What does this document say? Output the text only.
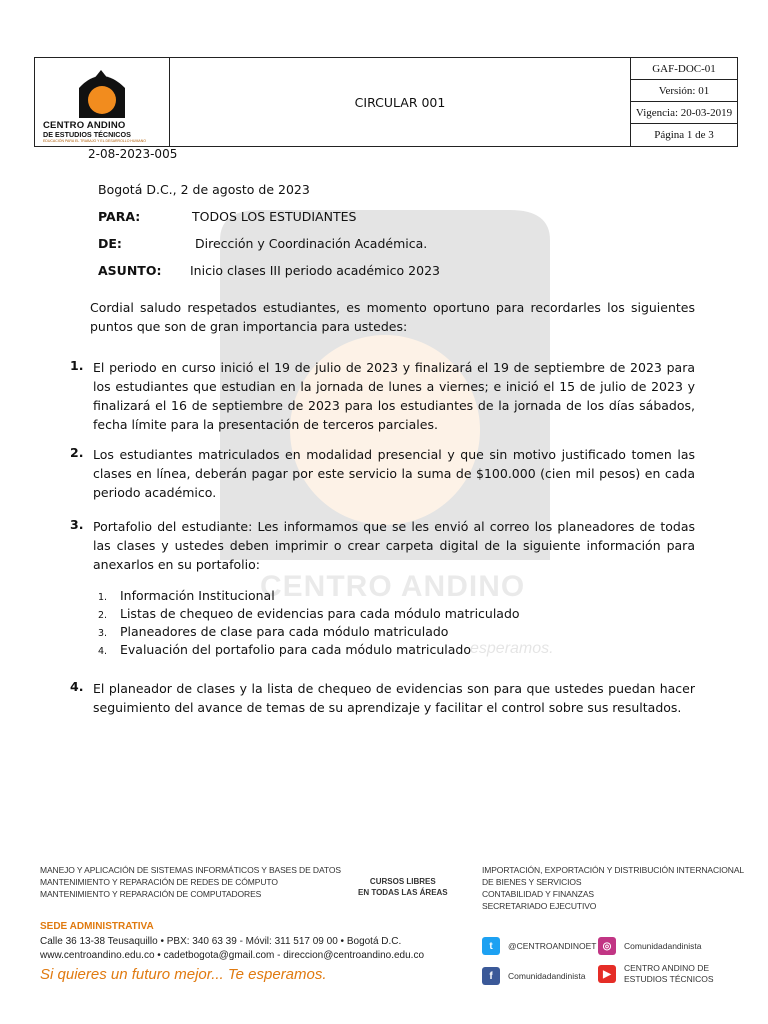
CENTRO ANDINO
esperamos.
CENTRO ANDINO
DE ESTUDIOS TÉCNICOS
EDUCACIÓN PARA EL TRABAJO Y EL DESARROLLO HUMANO
CIRCULAR 001
GAF-DOC-01
Versión: 01
Vigencia: 20-03-2019
Página 1 de 3
2-08-2023-005
Bogotá D.C., 2 de agosto de 2023
PARA:	TODOS LOS ESTUDIANTES
DE:	Dirección y Coordinación Académica.
ASUNTO: Inicio clases III periodo académico 2023
Cordial saludo respetados estudiantes, es momento oportuno para recordarles los siguientes puntos que son de gran importancia para ustedes:
1. El periodo en curso inició el 19 de julio de 2023 y finalizará el 19 de septiembre de 2023 para los estudiantes que estudian en la jornada de lunes a viernes; e inició el 15 de julio de 2023 y finalizará el 16 de septiembre de 2023 para los estudiantes de la jornada de los días sábados, fecha límite para la presentación de terceros parciales.
2. Los estudiantes matriculados en modalidad presencial y que sin motivo justificado tomen las clases en línea, deberán pagar por este servicio la suma de $100.000 (cien mil pesos) en cada periodo académico.
3. Portafolio del estudiante: Les informamos que se les envió al correo los planeadores de todas las clases y ustedes deben imprimir o crear carpeta digital de la siguiente información para anexarlos en su portafolio:
1. Información Institucional
2. Listas de chequeo de evidencias para cada módulo matriculado
3. Planeadores de clase para cada módulo matriculado
4. Evaluación del portafolio para cada módulo matriculado
4. El planeador de clases y la lista de chequeo de evidencias son para que ustedes puedan hacer seguimiento del avance de temas de su aprendizaje y facilitar el control sobre sus resultados.
MANEJO Y APLICACIÓN DE SISTEMAS INFORMÁTICOS Y BASES DE DATOS
MANTENIMIENTO Y REPARACIÓN DE REDES DE CÓMPUTO
MANTENIMIENTO Y REPARACIÓN DE COMPUTADORES
CURSOS LIBRES
EN TODAS LAS ÁREAS
IMPORTACIÓN, EXPORTACIÓN Y DISTRIBUCIÓN INTERNACIONAL
DE BIENES Y SERVICIOS
CONTABILIDAD Y FINANZAS
SECRETARIADO EJECUTIVO
SEDE ADMINISTRATIVA
Calle 36 13-38 Teusaquillo • PBX: 340 63 39 - Móvil: 311 517 09 00 • Bogotá D.C.
www.centroandino.edu.co • cadetbogota@gmail.com - direccion@centroandino.edu.co
Si quieres un futuro mejor... Te esperamos.
t	@CENTROANDINOET ◎	Comunidadandinista
f	Comunidadandinista	▶
CENTRO ANDINO DE
ESTUDIOS TÉCNICOS
